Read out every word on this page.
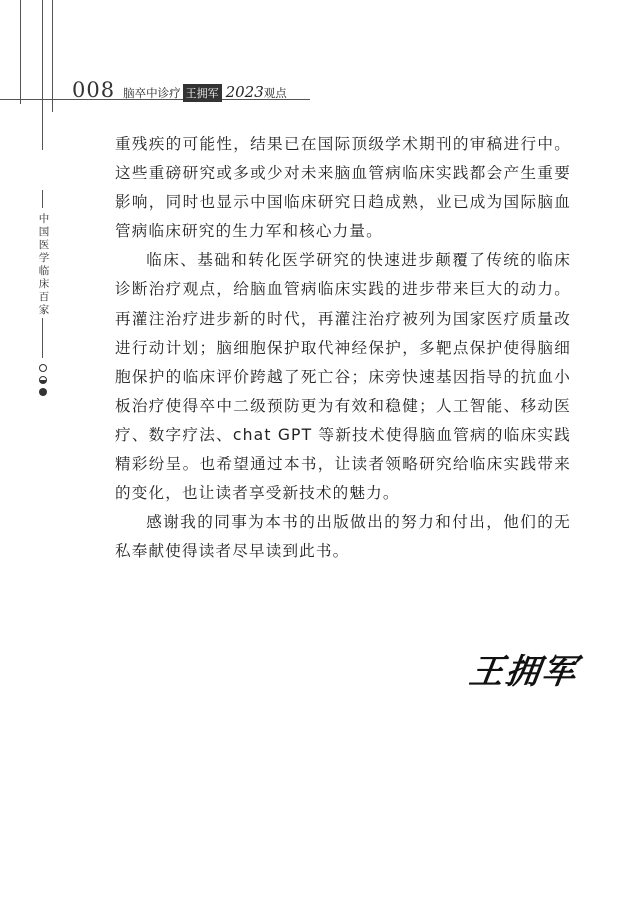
008 脑卒中诊疗 王拥军 2023 观点
中国医学临床百家

重残疾的可能性，结果已在国际顶级学术期刊的审稿进行中。这些重磅研究或多或少对未来脑血管病临床实践都会产生重要影响，同时也显示中国临床研究日趋成熟，业已成为国际脑血管病临床研究的生力军和核心力量。

临床、基础和转化医学研究的快速进步颠覆了传统的临床诊断治疗观点，给脑血管病临床实践的进步带来巨大的动力。再灌注治疗进步新的时代，再灌注治疗被列为国家医疗质量改进行动计划；脑细胞保护取代神经保护，多靶点保护使得脑细胞保护的临床评价跨越了死亡谷；床旁快速基因指导的抗血小板治疗使得卒中二级预防更为有效和稳健；人工智能、移动医疗、数字疗法、chat GPT 等新技术使得脑血管病的临床实践精彩纷呈。也希望通过本书，让读者领略研究给临床实践带来的变化，也让读者享受新技术的魅力。

感谢我的同事为本书的出版做出的努力和付出，他们的无私奉献使得读者尽早读到此书。

王拥军
